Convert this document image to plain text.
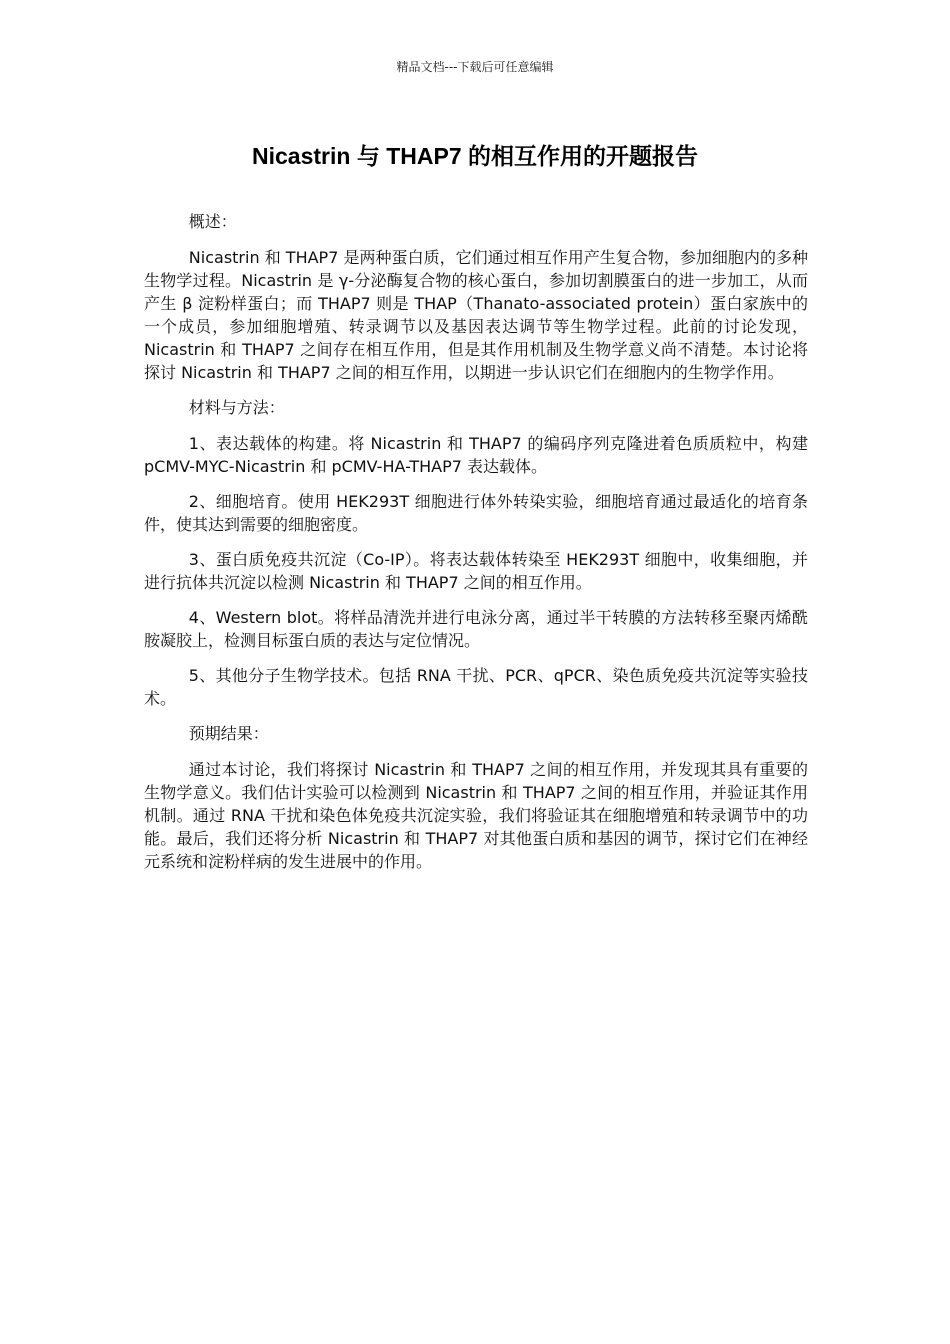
精品文档---下载后可任意编辑
Nicastrin 与 THAP7 的相互作用的开题报告

概述：

Nicastrin 和 THAP7 是两种蛋白质，它们通过相互作用产生复合物，参加细胞内的多种生物学过程。Nicastrin 是 γ-分泌酶复合物的核心蛋白，参加切割膜蛋白的进一步加工，从而产生 β 淀粉样蛋白；而 THAP7 则是 THAP（Thanato-associated protein）蛋白家族中的一个成员，参加细胞增殖、转录调节以及基因表达调节等生物学过程。此前的讨论发现，Nicastrin 和 THAP7 之间存在相互作用，但是其作用机制及生物学意义尚不清楚。本讨论将探讨 Nicastrin 和 THAP7 之间的相互作用，以期进一步认识它们在细胞内的生物学作用。

材料与方法：

1、表达载体的构建。将 Nicastrin 和 THAP7 的编码序列克隆进着色质质粒中，构建 pCMV-MYC-Nicastrin 和 pCMV-HA-THAP7 表达载体。

2、细胞培育。使用 HEK293T 细胞进行体外转染实验，细胞培育通过最适化的培育条件，使其达到需要的细胞密度。

3、蛋白质免疫共沉淀（Co-IP）。将表达载体转染至 HEK293T 细胞中，收集细胞，并进行抗体共沉淀以检测 Nicastrin 和 THAP7 之间的相互作用。

4、Western blot。将样品清洗并进行电泳分离，通过半干转膜的方法转移至聚丙烯酰胺凝胶上，检测目标蛋白质的表达与定位情况。

5、其他分子生物学技术。包括 RNA 干扰、PCR、qPCR、染色质免疫共沉淀等实验技术。

预期结果：

通过本讨论，我们将探讨 Nicastrin 和 THAP7 之间的相互作用，并发现其具有重要的生物学意义。我们估计实验可以检测到 Nicastrin 和 THAP7 之间的相互作用，并验证其作用机制。通过 RNA 干扰和染色体免疫共沉淀实验，我们将验证其在细胞增殖和转录调节中的功能。最后，我们还将分析 Nicastrin 和 THAP7 对其他蛋白质和基因的调节，探讨它们在神经元系统和淀粉样病的发生进展中的作用。
